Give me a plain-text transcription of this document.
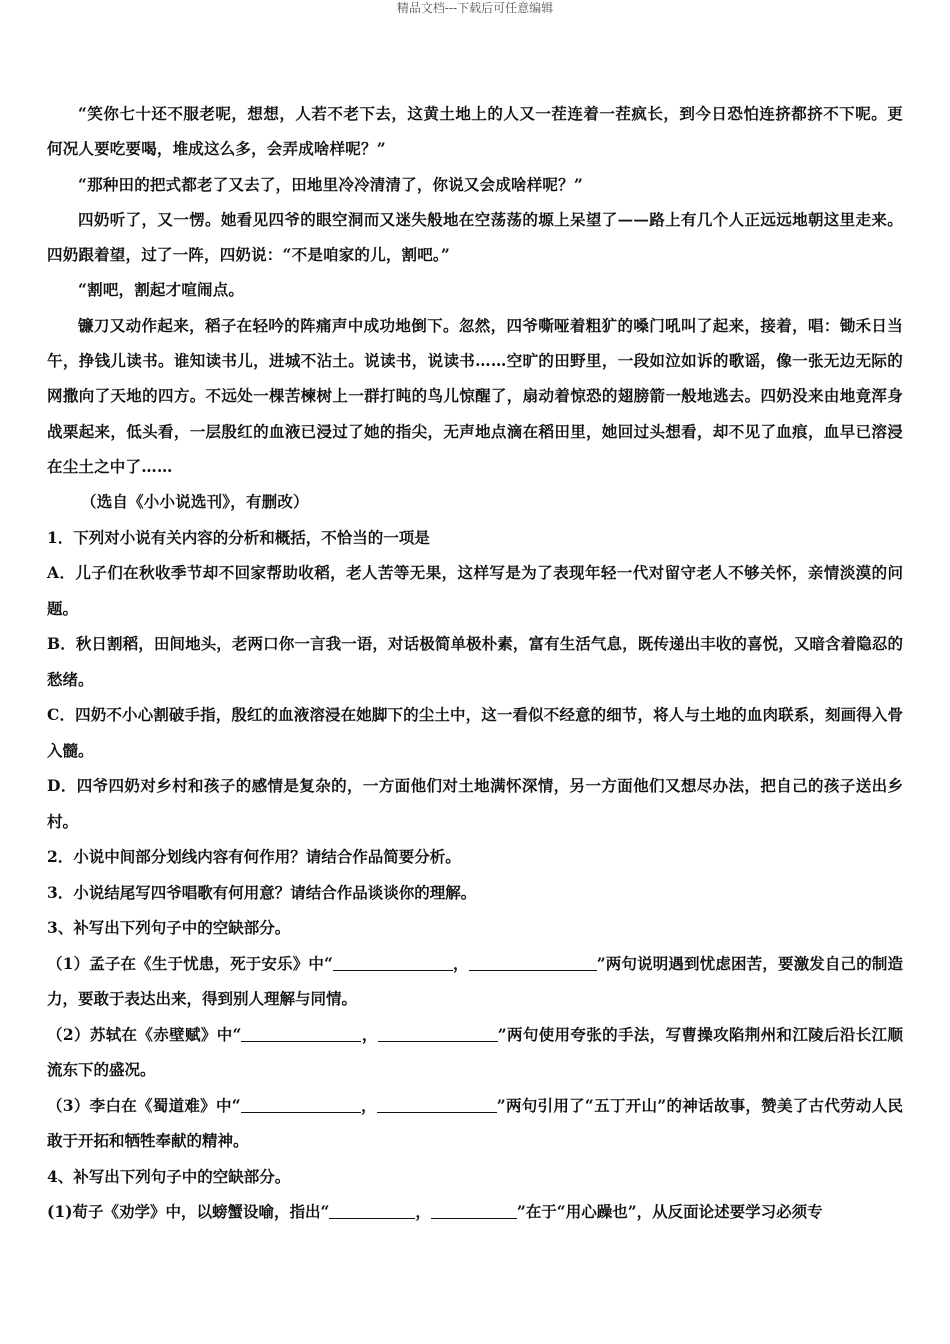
精品文档---下载后可任意编辑

“笑你七十还不服老呢，想想，人若不老下去，这黄土地上的人又一茬连着一茬疯长，到今日恐怕连挤都挤不下呢。更何况人要吃要喝，堆成这么多，会弄成啥样呢？”

“那种田的把式都老了又去了，田地里冷冷清清了，你说又会成啥样呢？”

四奶听了，又一愣。她看见四爷的眼空洞而又迷失般地在空荡荡的塬上呆望了——路上有几个人正远远地朝这里走来。四奶跟着望，过了一阵，四奶说：“不是咱家的儿，割吧。”

“割吧，割起才喧闹点。

镰刀又动作起来，稻子在轻吟的阵痛声中成功地倒下。忽然，四爷嘶哑着粗犷的嗓门吼叫了起来，接着，唱：锄禾日当午，挣钱儿读书。谁知读书儿，进城不沾土。说读书，说读书……空旷的田野里，一段如泣如诉的歌谣，像一张无边无际的网撒向了天地的四方。不远处一棵苦楝树上一群打盹的鸟儿惊醒了，扇动着惊恐的翅膀箭一般地逃去。四奶没来由地竟浑身战栗起来，低头看，一层殷红的血液已浸过了她的指尖，无声地点滴在稻田里，她回过头想看，却不见了血痕，血早已溶浸在尘土之中了……

（选自《小小说选刊》，有删改）

1．下列对小说有关内容的分析和概括，不恰当的一项是

A．儿子们在秋收季节却不回家帮助收稻，老人苦等无果，这样写是为了表现年轻一代对留守老人不够关怀，亲情淡漠的问题。

B．秋日割稻，田间地头，老两口你一言我一语，对话极简单极朴素，富有生活气息，既传递出丰收的喜悦，又暗含着隐忍的愁绪。

C．四奶不小心割破手指，殷红的血液溶浸在她脚下的尘土中，这一看似不经意的细节，将人与土地的血肉联系，刻画得入骨入髓。

D．四爷四奶对乡村和孩子的感情是复杂的，一方面他们对土地满怀深情，另一方面他们又想尽办法，把自己的孩子送出乡村。

2．小说中间部分划线内容有何作用？请结合作品简要分析。

3．小说结尾写四爷唱歌有何用意？请结合作品谈谈你的理解。

3、补写出下列句子中的空缺部分。

（1）孟子在《生于忧患，死于安乐》中“	，	”两句说明遇到忧虑困苦，要激发自己的制造力，要敢于表达出来，得到别人理解与同情。

（2）苏轼在《赤壁赋》中“	，	”两句使用夸张的手法，写曹操攻陷荆州和江陵后沿长江顺流东下的盛况。

（3）李白在《蜀道难》中“	，	”两句引用了“五丁开山”的神话故事，赞美了古代劳动人民敢于开拓和牺牲奉献的精神。

4、补写出下列句子中的空缺部分。

(1)荀子《劝学》中，以螃蟹设喻，指出“	，	”在于“用心躁也”，从反面论述要学习必须专
